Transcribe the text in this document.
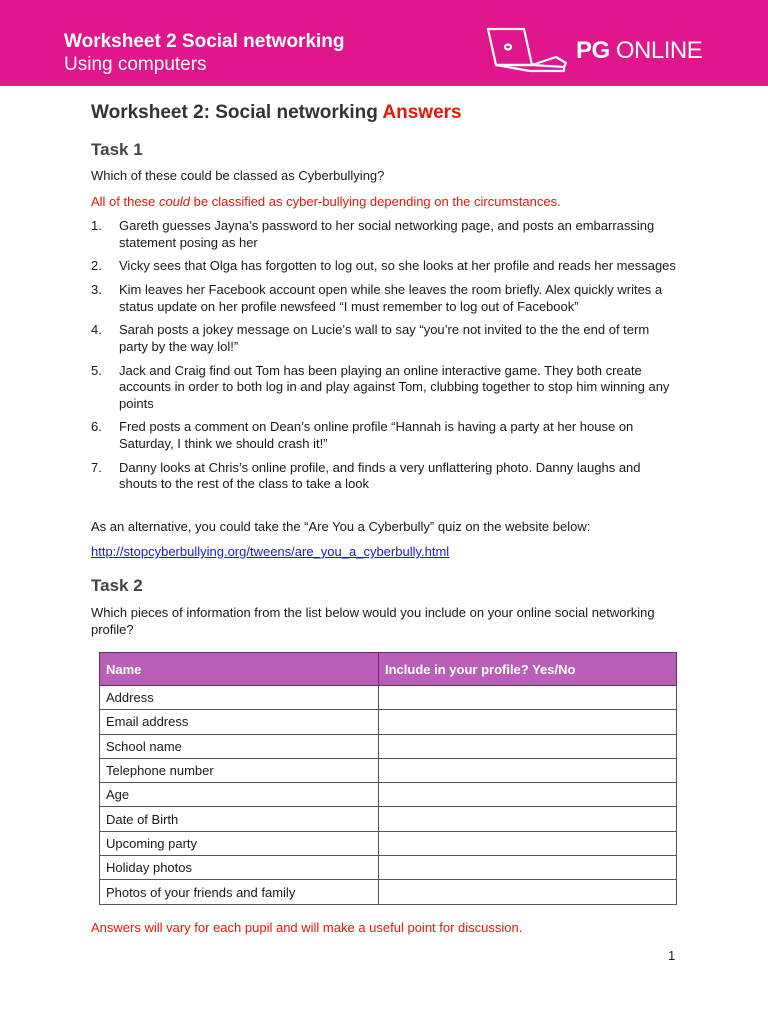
Worksheet 2 Social networking
Using computers
PG ONLINE
Worksheet 2: Social networking Answers
Task 1

Which of these could be classed as Cyberbullying?

All of these could be classified as cyber-bullying depending on the circumstances.

1. Gareth guesses Jayna’s password to her social networking page, and posts an embarrassing statement posing as her
2. Vicky sees that Olga has forgotten to log out, so she looks at her profile and reads her messages
3. Kim leaves her Facebook account open while she leaves the room briefly. Alex quickly writes a status update on her profile newsfeed “I must remember to log out of Facebook”
4. Sarah posts a jokey message on Lucie’s wall to say “you’re not invited to the the end of term party by the way lol!”
5. Jack and Craig find out Tom has been playing an online interactive game. They both create accounts in order to both log in and play against Tom, clubbing together to stop him winning any points
6. Fred posts a comment on Dean’s online profile “Hannah is having a party at her house on Saturday, I think we should crash it!”
7. Danny looks at Chris’s online profile, and finds a very unflattering photo. Danny laughs and shouts to the rest of the class to take a look

As an alternative, you could take the “Are You a Cyberbully” quiz on the website below:

http://stopcyberbullying.org/tweens/are_you_a_cyberbully.html

Task 2

Which pieces of information from the list below would you include on your online social networking profile?

Name	Include in your profile? Yes/No
Address	
Email address	
School name	
Telephone number	
Age	
Date of Birth	
Upcoming party	
Holiday photos	
Photos of your friends and family	

Answers will vary for each pupil and will make a useful point for discussion.

1
